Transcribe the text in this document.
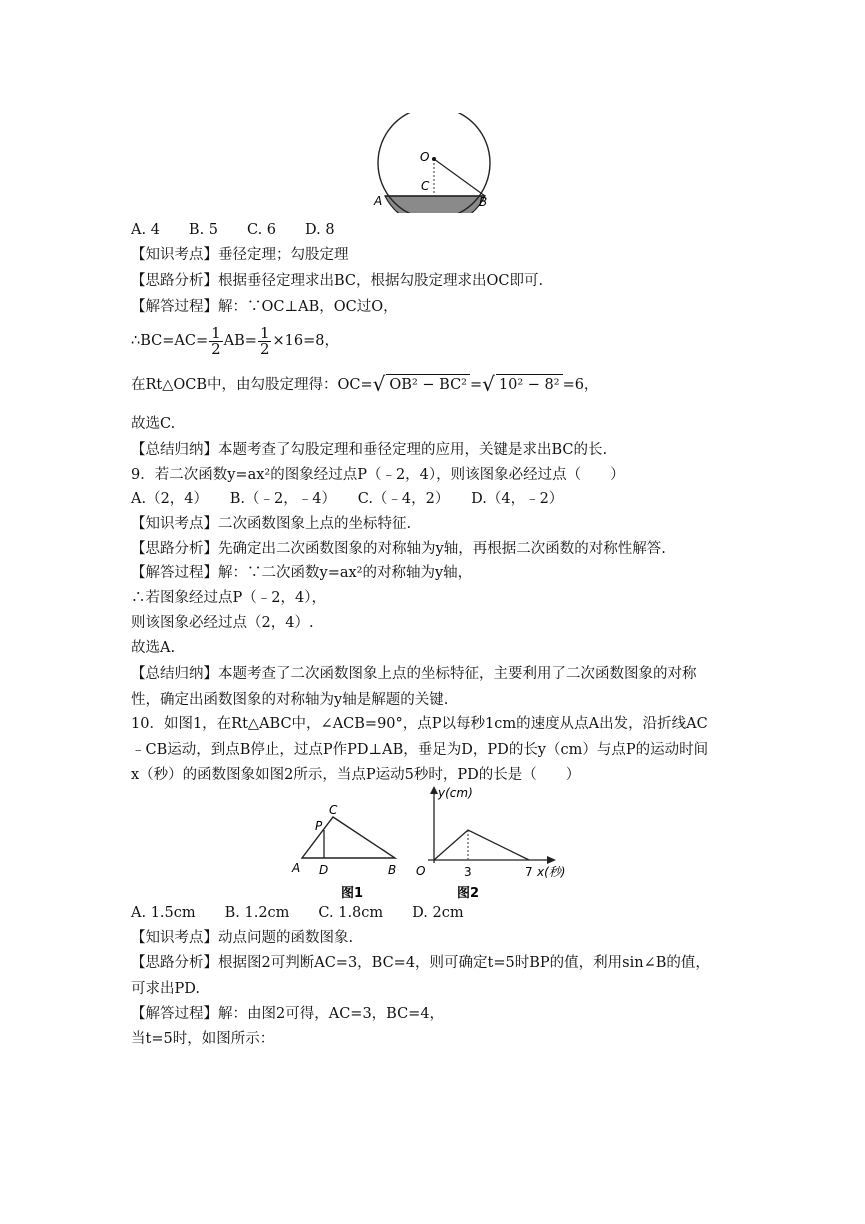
O
C
A	B
A. 4　　B. 5　　C. 6　　D. 8
【知识考点】垂径定理；勾股定理
【思路分析】根据垂径定理求出BC，根据勾股定理求出OC即可.
【解答过程】解：∵OC⊥AB，OC过O，
∴BC=AC= $\frac{1}{2} AB= \frac{1}{2} \times 16=8$，
在Rt△OCB中，由勾股定理得：OC=√ OB² − BC² =√ 10² − 8² =6，
故选C.
【总结归纳】本题考查了勾股定理和垂径定理的应用，关键是求出BC的长.
9．若二次函数y=ax²的图象经过点P（﹣2，4），则该图象必经过点（　　）
A.（2，4）　　B.（﹣2，﹣4）　　C.（﹣4，2）　　D.（4，﹣2）
【知识考点】二次函数图象上点的坐标特征.
【思路分析】先确定出二次函数图象的对称轴为y轴，再根据二次函数的对称性解答.
【解答过程】解：∵二次函数y=ax²的对称轴为y轴，
∴若图象经过点P（﹣2，4），
则该图象必经过点（2，4）.
故选A.
【总结归纳】本题考查了二次函数图象上点的坐标特征，主要利用了二次函数图象的对称
性，确定出函数图象的对称轴为y轴是解题的关键.
10．如图1，在Rt△ABC中，∠ACB=90°，点P以每秒1cm的速度从点A出发，沿折线AC
﹣CB运动，到点B停止，过点P作PD⊥AB，垂足为D，PD的长y（cm）与点P的运动时间
x（秒）的函数图象如图2所示，当点P运动5秒时，PD的长是（　　）
C
P
A D	B
图1
y(cm)
O	3	7 x(秒)
图2
A. 1.5cm　　B. 1.2cm　　C. 1.8cm　　D. 2cm
【知识考点】动点问题的函数图象.
【思路分析】根据图2可判断AC=3，BC=4，则可确定t=5时BP的值，利用sin∠B的值，
可求出PD.
【解答过程】解：由图2可得，AC=3，BC=4，
当t=5时，如图所示：
